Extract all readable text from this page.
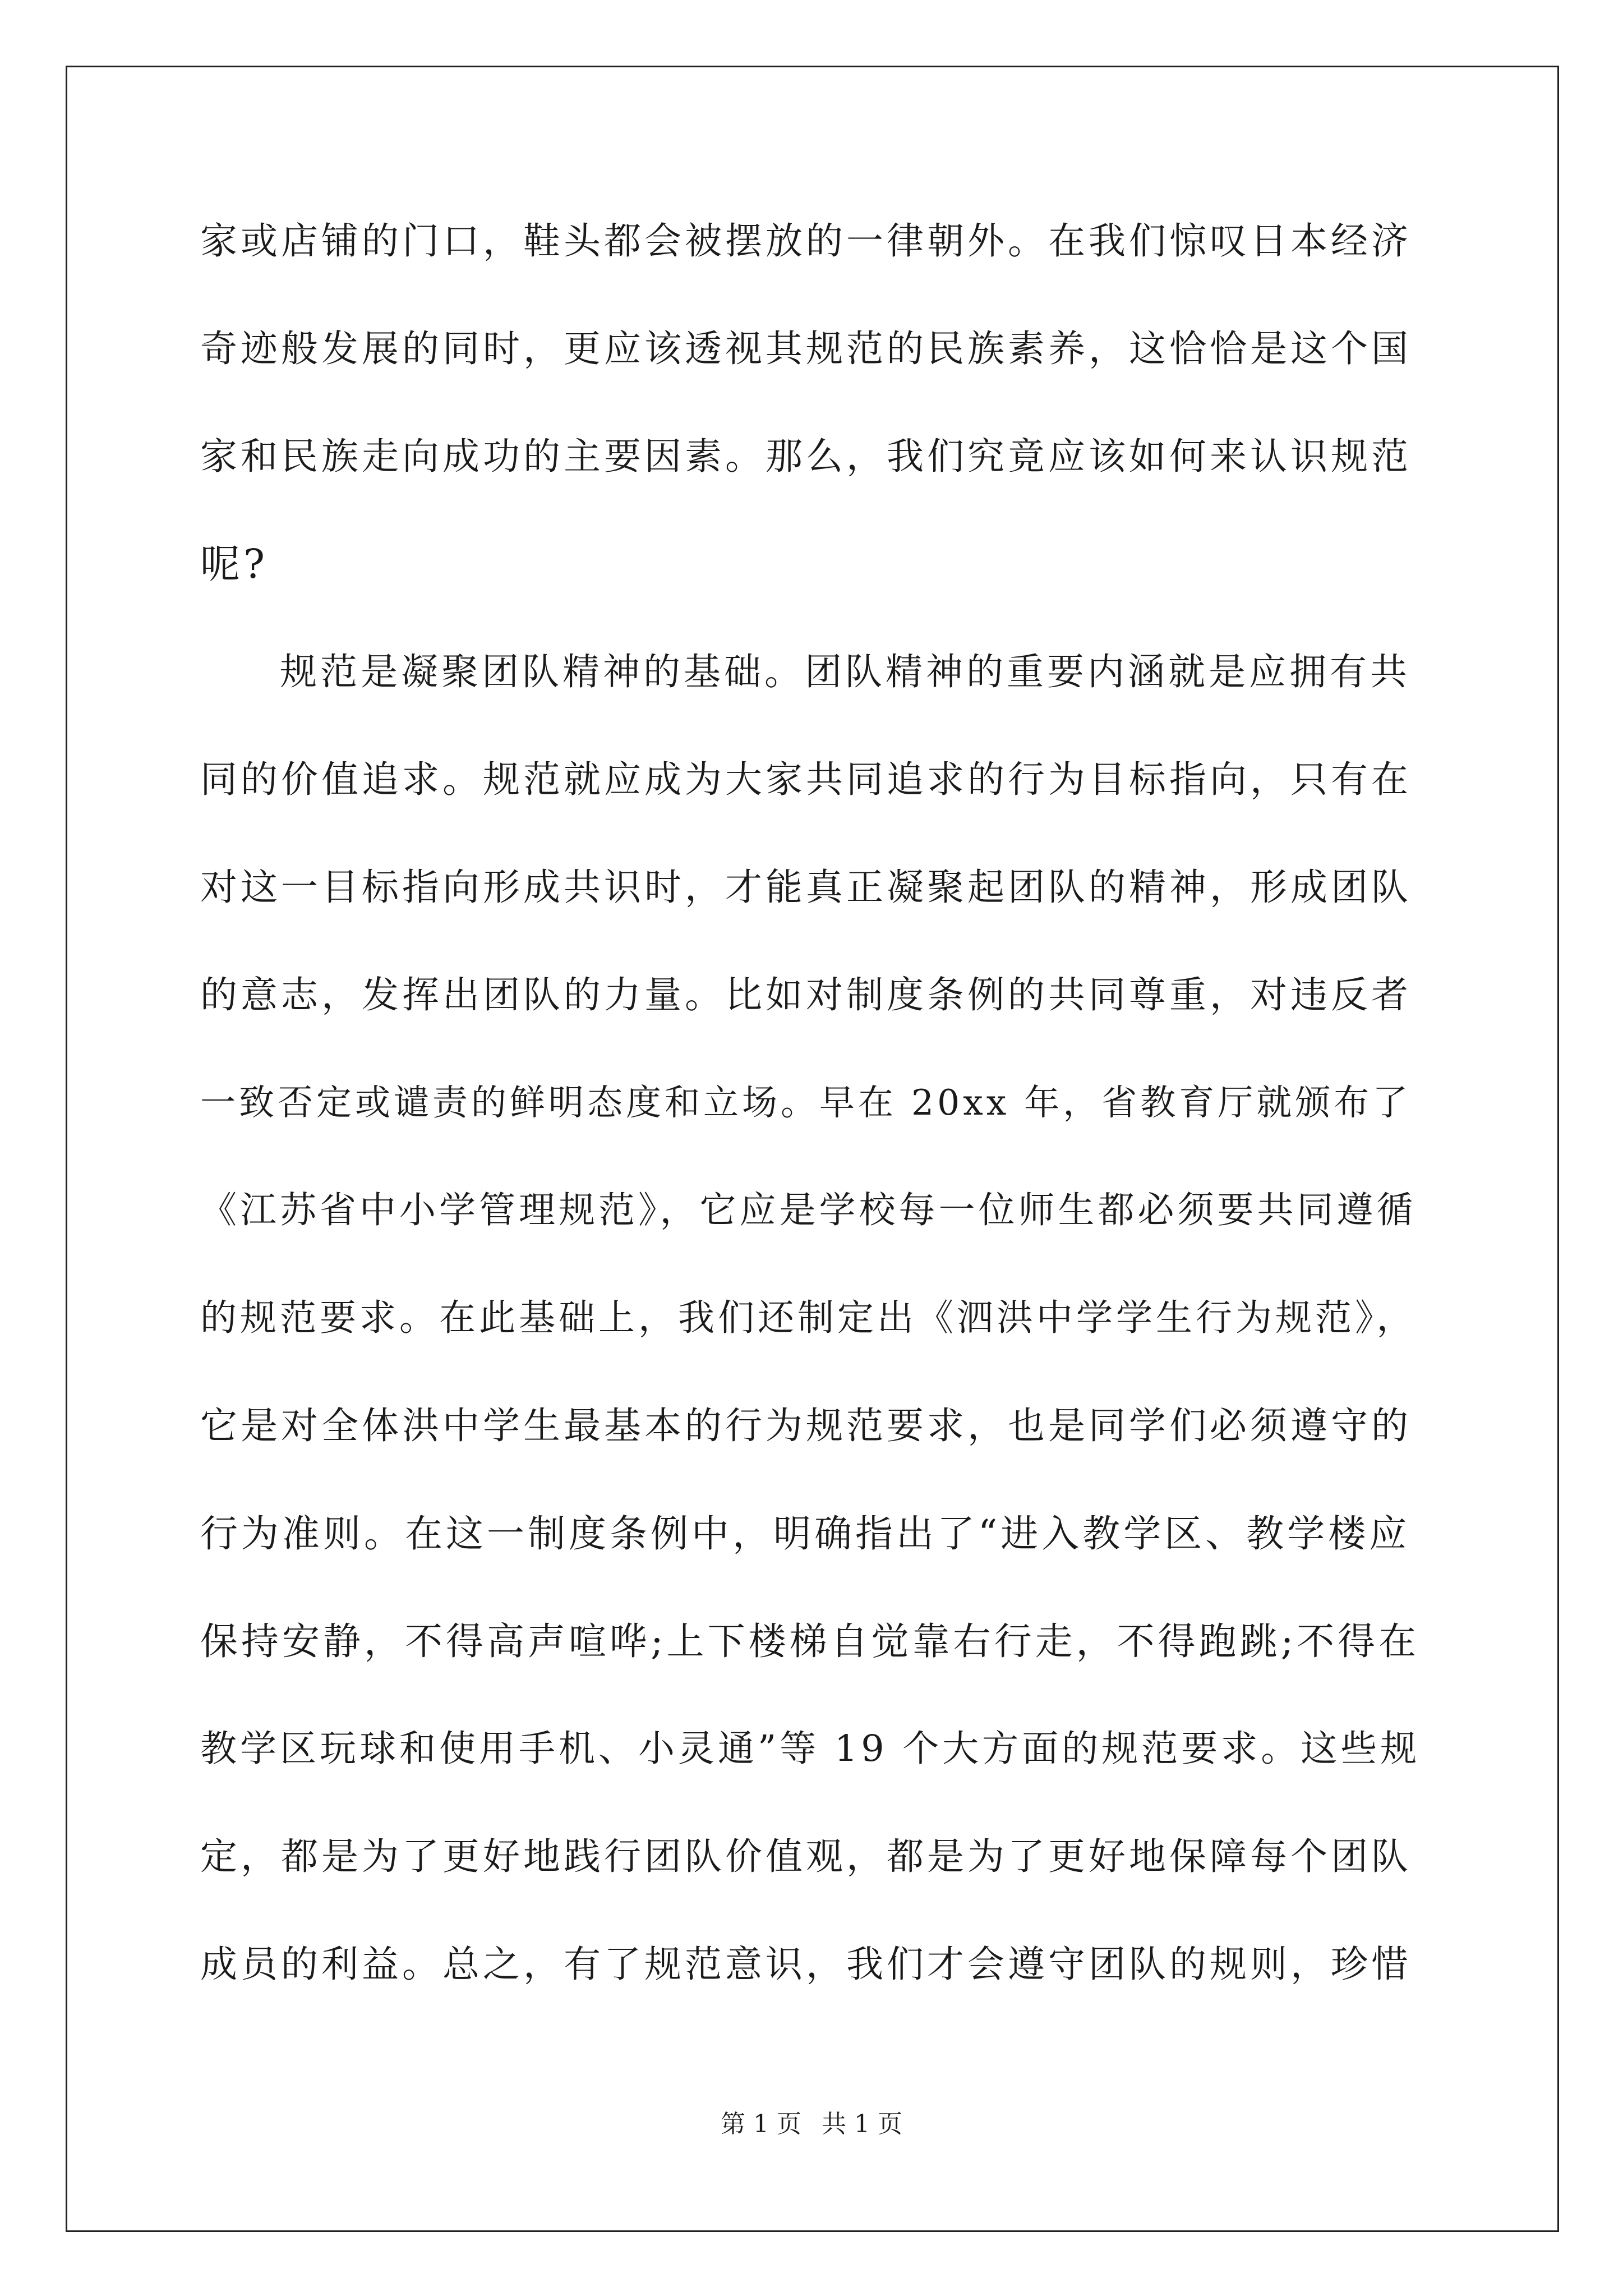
家或店铺的门口，鞋头都会被摆放的一律朝外。在我们惊叹日本经济
奇迹般发展的同时，更应该透视其规范的民族素养，这恰恰是这个国
家和民族走向成功的主要因素。那么，我们究竟应该如何来认识规范
呢?
规范是凝聚团队精神的基础。团队精神的重要内涵就是应拥有共
同的价值追求。规范就应成为大家共同追求的行为目标指向，只有在
对这一目标指向形成共识时，才能真正凝聚起团队的精神，形成团队
的意志，发挥出团队的力量。比如对制度条例的共同尊重，对违反者
一致否定或谴责的鲜明态度和立场。早在 20xx 年，省教育厅就颁布了
《江苏省中小学管理规范》，它应是学校每一位师生都必须要共同遵循
的规范要求。在此基础上，我们还制定出《泗洪中学学生行为规范》，
它是对全体洪中学生最基本的行为规范要求，也是同学们必须遵守的
行为准则。在这一制度条例中，明确指出了“进入教学区、教学楼应
保持安静，不得高声喧哗;上下楼梯自觉靠右行走，不得跑跳;不得在
教学区玩球和使用手机、小灵通”等 19 个大方面的规范要求。这些规
定，都是为了更好地践行团队价值观，都是为了更好地保障每个团队
成员的利益。总之，有了规范意识，我们才会遵守团队的规则，珍惜
第 1 页 共 1 页
